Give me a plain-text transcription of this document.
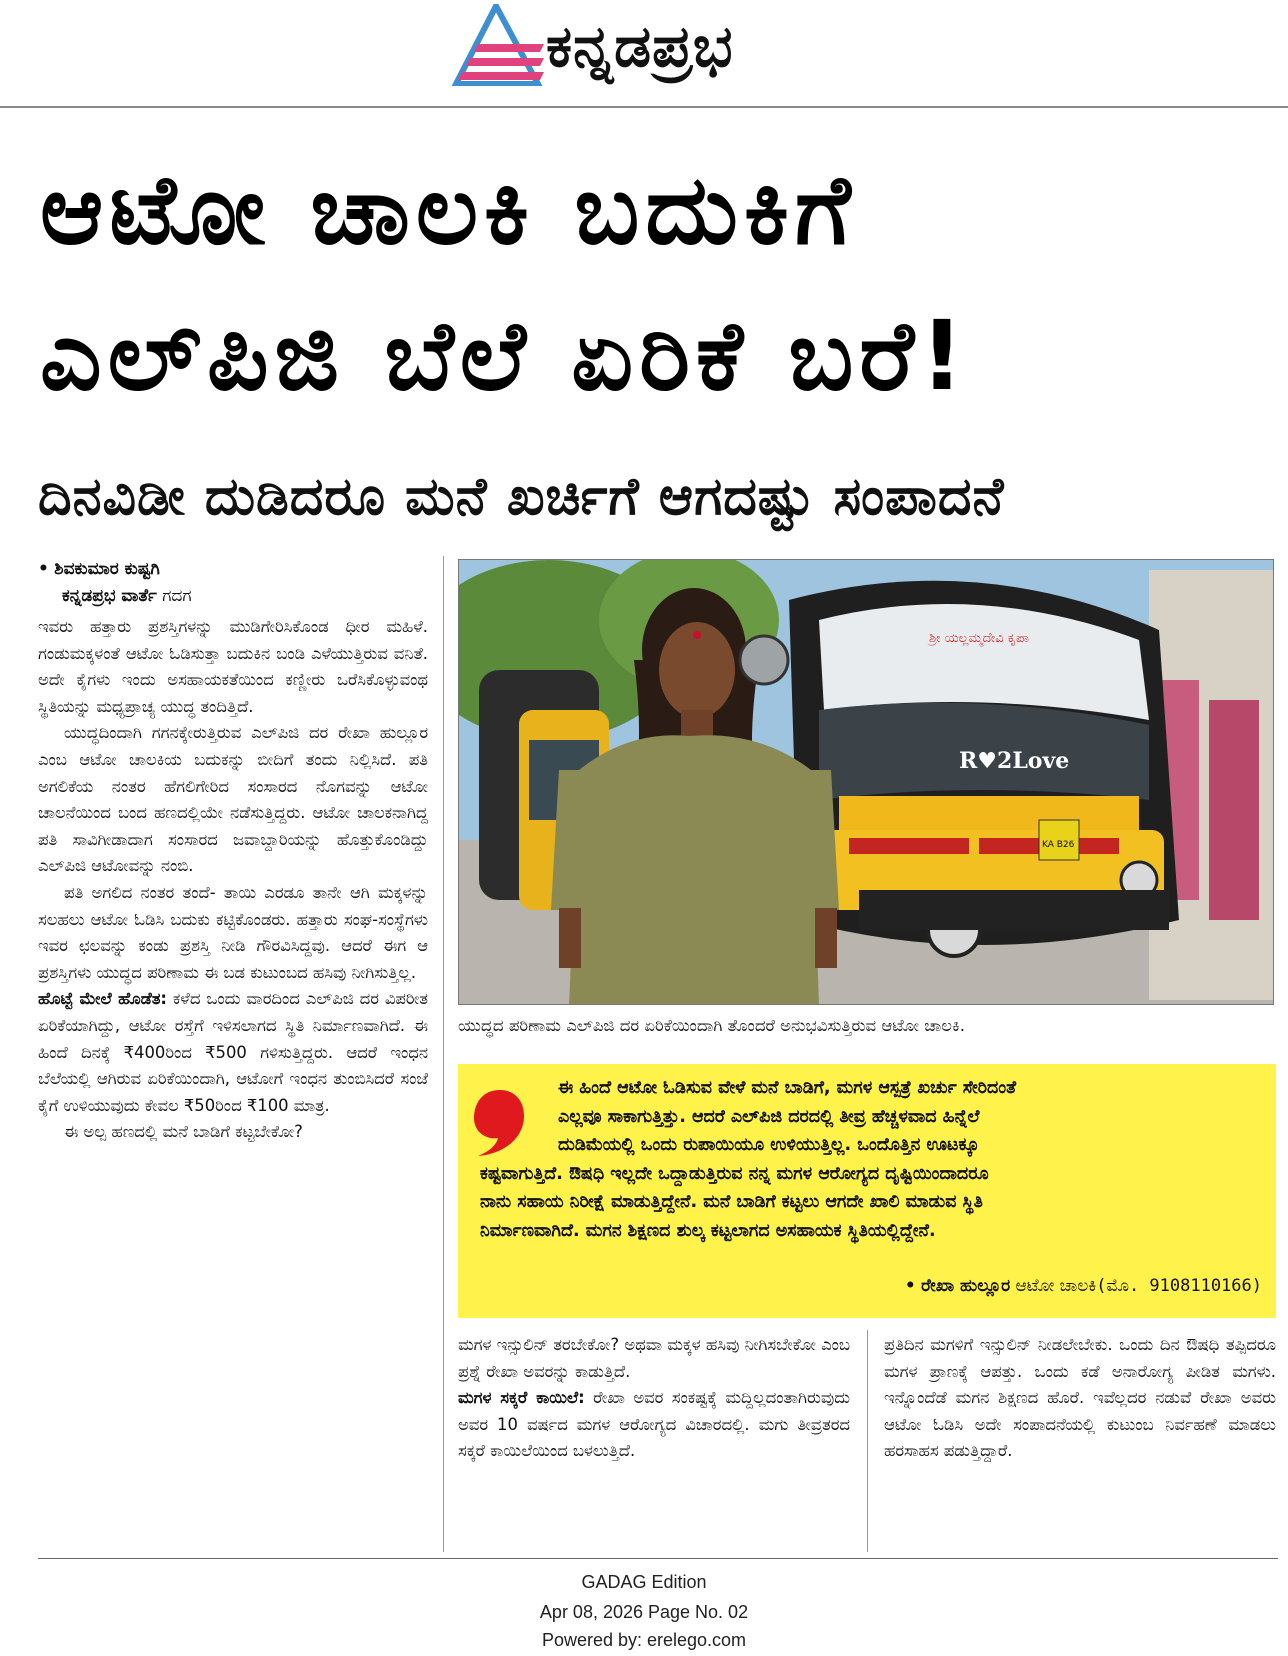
ಕನ್ನಡಪ್ರಭ
ಆಟೋ ಚಾಲಕಿ ಬದುಕಿಗೆ
ಎಲ್‌ಪಿಜಿ ಬೆಲೆ ಏರಿಕೆ ಬರೆ!
ದಿನವಿಡೀ ದುಡಿದರೂ ಮನೆ ಖರ್ಚಿಗೆ ಆಗದಷ್ಟು ಸಂಪಾದನೆ
• ಶಿವಕುಮಾರ ಕುಷ್ಟಗಿ
ಕನ್ನಡಪ್ರಭ ವಾರ್ತೆ ಗದಗ

ಇವರು ಹತ್ತಾರು ಪ್ರಶಸ್ತಿಗಳನ್ನು ಮುಡಿಗೇರಿಸಿಕೊಂಡ ಧೀರ ಮಹಿಳೆ. ಗಂಡುಮಕ್ಕಳಂತೆ ಆಟೋ ಓಡಿಸುತ್ತಾ ಬದುಕಿನ ಬಂಡಿ ಎಳೆಯುತ್ತಿರುವ ವನಿತೆ. ಅದೇ ಕೈಗಳು ಇಂದು ಅಸಹಾಯಕತೆಯಿಂದ ಕಣ್ಣೀರು ಒರೆಸಿಕೊಳ್ಳುವಂಥ ಸ್ಥಿತಿಯನ್ನು ಮಧ್ಯಪ್ರಾಚ್ಯ ಯುದ್ಧ ತಂದಿತ್ತಿದೆ.

ಯುದ್ಧದಿಂದಾಗಿ ಗಗನಕ್ಕೇರುತ್ತಿರುವ ಎಲ್‌ಪಿಜಿ ದರ ರೇಖಾ ಹುಲ್ಲೂರ ಎಂಬ ಆಟೋ ಚಾಲಕಿಯ ಬದುಕನ್ನು ಬೀದಿಗೆ ತಂದು ನಿಲ್ಲಿಸಿದೆ. ಪತಿ ಅಗಲಿಕೆಯ ನಂತರ ಹೆಗಲಿಗೇರಿದ ಸಂಸಾರದ ನೊಗವನ್ನು ಆಟೋ ಚಾಲನೆಯಿಂದ ಬಂದ ಹಣದಲ್ಲಿಯೇ ನಡೆಸುತ್ತಿದ್ದರು. ಆಟೋ ಚಾಲಕನಾಗಿದ್ದ ಪತಿ ಸಾವಿಗೀಡಾದಾಗ ಸಂಸಾರದ ಜವಾಬ್ದಾರಿಯನ್ನು ಹೊತ್ತುಕೊಂಡಿದ್ದು ಎಲ್‌ಪಿಜಿ ಆಟೋವನ್ನು ನಂಬಿ.

ಪತಿ ಅಗಲಿದ ನಂತರ ತಂದೆ- ತಾಯಿ ಎರಡೂ ತಾನೇ ಆಗಿ ಮಕ್ಕಳನ್ನು ಸಲಹಲು ಆಟೋ ಓಡಿಸಿ ಬದುಕು ಕಟ್ಟಿಕೊಂಡರು. ಹತ್ತಾರು ಸಂಘ-ಸಂಸ್ಥೆಗಳು ಇವರ ಛಲವನ್ನು ಕಂಡು ಪ್ರಶಸ್ತಿ ನೀಡಿ ಗೌರವಿಸಿದ್ದವು. ಆದರೆ ಈಗ ಆ ಪ್ರಶಸ್ತಿಗಳು ಯುದ್ಧದ ಪರಿಣಾಮ ಈ ಬಡ ಕುಟುಂಬದ ಹಸಿವು ನೀಗಿಸುತ್ತಿಲ್ಲ.

ಹೊಟ್ಟೆ ಮೇಲೆ ಹೊಡೆತ: ಕಳೆದ ಒಂದು ವಾರದಿಂದ ಎಲ್‌ಪಿಜಿ ದರ ವಿಪರೀತ ಏರಿಕೆಯಾಗಿದ್ದು, ಆಟೋ ರಸ್ತೆಗೆ ಇಳಿಸಲಾಗದ ಸ್ಥಿತಿ ನಿರ್ಮಾಣವಾಗಿದೆ. ಈ ಹಿಂದೆ ದಿನಕ್ಕೆ ₹400ರಿಂದ ₹500 ಗಳಿಸುತ್ತಿದ್ದರು. ಆದರೆ ಇಂಧನ ಬೆಲೆಯಲ್ಲಿ ಆಗಿರುವ ಏರಿಕೆಯಿಂದಾಗಿ, ಆಟೋಗೆ ಇಂಧನ ತುಂಬಿಸಿದರೆ ಸಂಜೆ ಕೈಗೆ ಉಳಿಯುವುದು ಕೇವಲ ₹50ರಿಂದ ₹100 ಮಾತ್ರ.

ಈ ಅಲ್ಪ ಹಣದಲ್ಲಿ ಮನೆ ಬಾಡಿಗೆ ಕಟ್ಟಬೇಕೋ?

ಶ್ರೀ ಯಲ್ಲಮ್ಮದೇವಿ ಕೃಪಾ
R♥2Love
KA B26
ಯುದ್ಧದ ಪರಿಣಾಮ ಎಲ್‌ಪಿಜಿ ದರ ಏರಿಕೆಯಿಂದಾಗಿ ತೊಂದರೆ ಅನುಭವಿಸುತ್ತಿರುವ ಆಟೋ ಚಾಲಕಿ.
ಈ ಹಿಂದೆ ಆಟೋ ಓಡಿಸುವ ವೇಳೆ ಮನೆ ಬಾಡಿಗೆ, ಮಗಳ ಆಸ್ಪತ್ರೆ ಖರ್ಚು ಸೇರಿದಂತೆ
ಎಲ್ಲವೂ ಸಾಕಾಗುತ್ತಿತ್ತು. ಆದರೆ ಎಲ್‌ಪಿಜಿ ದರದಲ್ಲಿ ತೀವ್ರ ಹೆಚ್ಚಳವಾದ ಹಿನ್ನೆಲೆ
ದುಡಿಮೆಯಲ್ಲಿ ಒಂದು ರುಪಾಯಿಯೂ ಉಳಿಯುತ್ತಿಲ್ಲ. ಒಂದೊತ್ತಿನ ಊಟಕ್ಕೂ
ಕಷ್ಟವಾಗುತ್ತಿದೆ. ಔಷಧಿ ಇಲ್ಲದೇ ಒದ್ದಾಡುತ್ತಿರುವ ನನ್ನ ಮಗಳ ಆರೋಗ್ಯದ ದೃಷ್ಟಿಯಿಂದಾದರೂ
ನಾನು ಸಹಾಯ ನಿರೀಕ್ಷೆ ಮಾಡುತ್ತಿದ್ದೇನೆ. ಮನೆ ಬಾಡಿಗೆ ಕಟ್ಟಲು ಆಗದೇ ಖಾಲಿ ಮಾಡುವ ಸ್ಥಿತಿ
ನಿರ್ಮಾಣವಾಗಿದೆ. ಮಗನ ಶಿಕ್ಷಣದ ಶುಲ್ಕ ಕಟ್ಟಲಾಗದ ಅಸಹಾಯಕ ಸ್ಥಿತಿಯಲ್ಲಿದ್ದೇನೆ.
• ರೇಖಾ ಹುಲ್ಲೂರ ಆಟೋ ಚಾಲಕಿ(ಮೊ. 9108110166)

ಮಗಳ ಇನ್ಸುಲಿನ್ ತರಬೇಕೋ? ಅಥವಾ ಮಕ್ಕಳ ಹಸಿವು ನೀಗಿಸಬೇಕೋ ಎಂಬ ಪ್ರಶ್ನೆ ರೇಖಾ ಅವರನ್ನು ಕಾಡುತ್ತಿದೆ.

ಮಗಳ ಸಕ್ಕರೆ ಕಾಯಿಲೆ: ರೇಖಾ ಅವರ ಸಂಕಷ್ಟಕ್ಕೆ ಮದ್ದಿಲ್ಲದಂತಾಗಿರುವುದು ಅವರ 10 ವರ್ಷದ ಮಗಳ ಆರೋಗ್ಯದ ವಿಚಾರದಲ್ಲಿ. ಮಗು ತೀವ್ರತರದ ಸಕ್ಕರೆ ಕಾಯಿಲೆಯಿಂದ ಬಳಲುತ್ತಿದೆ.

ಪ್ರತಿದಿನ ಮಗಳಿಗೆ ಇನ್ಸುಲಿನ್ ನೀಡಲೇಬೇಕು. ಒಂದು ದಿನ ಔಷಧಿ ತಪ್ಪಿದರೂ ಮಗಳ ಪ್ರಾಣಕ್ಕೆ ಆಪತ್ತು. ಒಂದು ಕಡೆ ಅನಾರೋಗ್ಯ ಪೀಡಿತ ಮಗಳು. ಇನ್ನೊಂದೆಡೆ ಮಗನ ಶಿಕ್ಷಣದ ಹೊರೆ. ಇವೆಲ್ಲದರ ನಡುವೆ ರೇಖಾ ಅವರು ಆಟೋ ಓಡಿಸಿ ಅದೇ ಸಂಪಾದನೆಯಲ್ಲಿ ಕುಟುಂಬ ನಿರ್ವಹಣೆ ಮಾಡಲು ಹರಸಾಹಸ ಪಡುತ್ತಿದ್ದಾರೆ.

GADAG Edition
Apr 08, 2026 Page No. 02
Powered by: erelego.com
